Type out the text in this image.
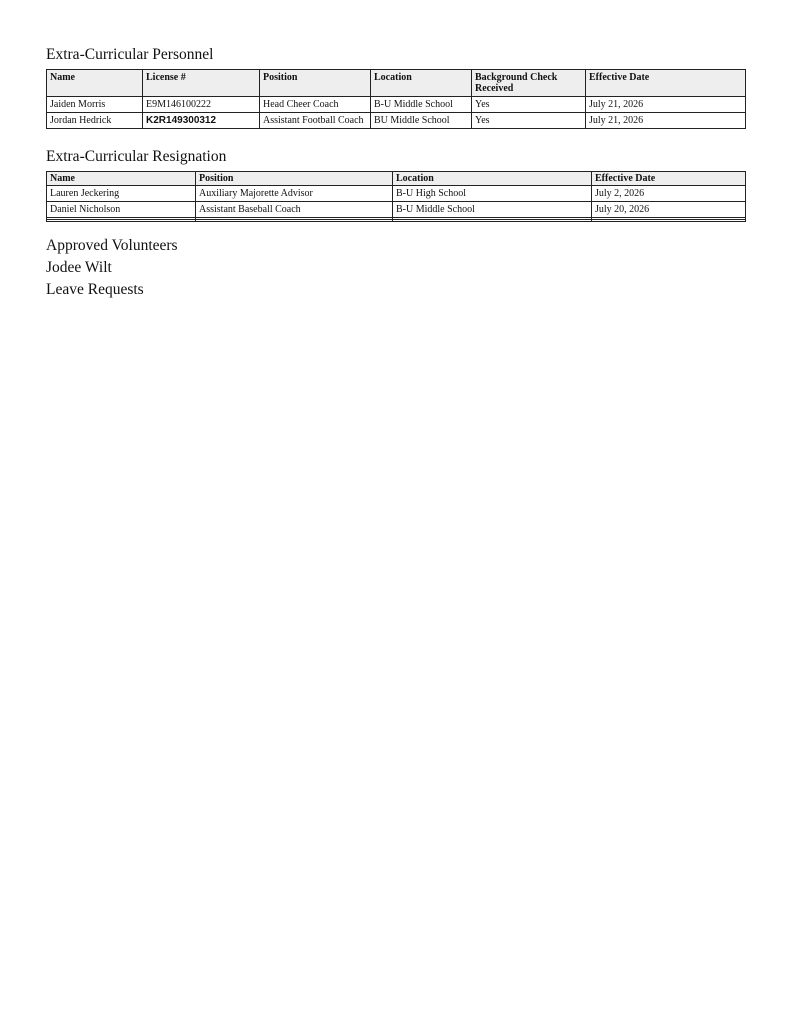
Extra-Curricular Personnel
Name	License #	Position	Location	Background Check Received	Effective Date
Jaiden Morris	E9M146100222	Head Cheer Coach	B-U Middle School	Yes	July 21, 2026
Jordan Hedrick	K2R149300312	Assistant Football Coach	BU Middle School	Yes	July 21, 2026
Extra-Curricular Resignation
Name	Position	Location	Effective Date
Lauren Jeckering	Auxiliary Majorette Advisor	B-U High School	July 2, 2026
Daniel Nicholson	Assistant Baseball Coach	B-U Middle School	July 20, 2026

Approved Volunteers

Jodee Wilt

Leave Requests
